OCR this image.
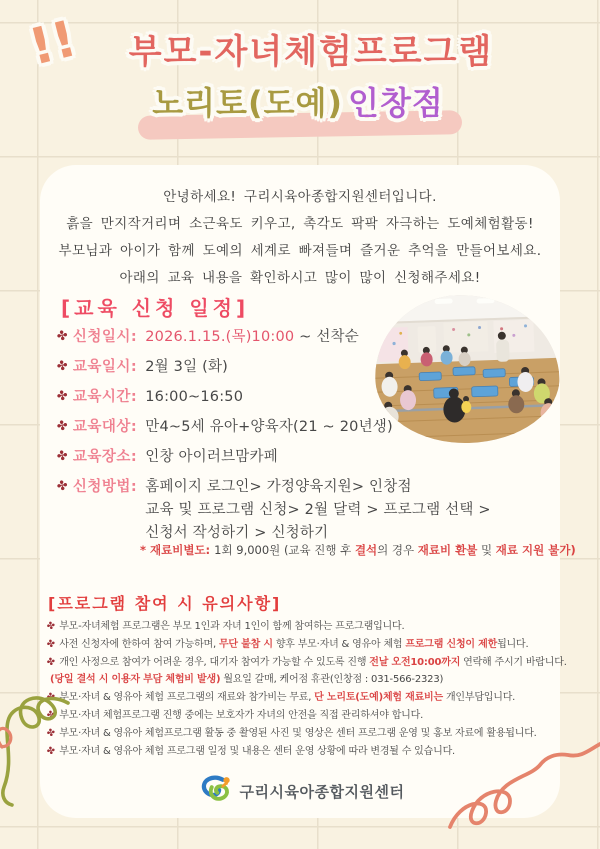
!!	부모-자녀체험프로그램
노리토(도예) 인창점
안녕하세요! 구리시육아종합지원센터입니다.
흙을 만지작거리며 소근육도 키우고, 촉각도 팍팍 자극하는 도예체험활동!
부모님과 아이가 함께 도예의 세계로 빠져들며 즐거운 추억을 만들어보세요.
아래의 교육 내용을 확인하시고 많이 많이 신청해주세요!
[교육 신청 일정]
✤ 신청일시: 2026.1.15.(목)10:00 ~ 선착순
✤ 교육일시: 2월 3일 (화)
✤ 교육시간: 16:00~16:50
✤ 교육대상: 만4~5세 유아+양육자(21 ~ 20년생)
✤ 교육장소: 인창 아이러브맘카페
✤ 신청방법: 홈페이지 로그인> 가정양육지원> 인창점
교육 및 프로그램 신청> 2월 달력 > 프로그램 선택 >
신청서 작성하기 > 신청하기
* 재료비별도: 1회 9,000원 (교육 진행 후 결석의 경우 재료비 환불 및 재료 지원 불가)
[프로그램 참여 시 유의사항]
✤ 부모-자녀체험 프로그램은 부모 1인과 자녀 1인이 함께 참여하는 프로그램입니다.
✤ 사전 신청자에 한하여 참여 가능하며, 무단 불참 시 향후 부모·자녀 & 영유아 체험 프로그램 신청이 제한됩니다.
✤ 개인 사정으로 참여가 어려운 경우, 대기자 참여가 가능할 수 있도록 진행 전날 오전10:00까지 연락해 주시기 바랍니다.
(당일 결석 시 이용자 부담 체험비 발생) 월요일 갈매, 케어점 휴관(인창점 : 031-566-2323)
✤ 부모·자녀 & 영유아 체험 프로그램의 재료와 참가비는 무료, 단 노리토(도예)체험 재료비는 개인부담입니다.
✤ 부모·자녀 체험프로그램 진행 중에는 보호자가 자녀의 안전을 직접 관리하셔야 합니다.
✤ 부모·자녀 & 영유아 체험프로그램 활동 중 촬영된 사진 및 영상은 센터 프로그램 운영 및 홍보 자료에 활용됩니다.
✤ 부모·자녀 & 영유아 체험 프로그램 일정 및 내용은 센터 운영 상황에 따라 변경될 수 있습니다.
구리시육아종합지원센터
